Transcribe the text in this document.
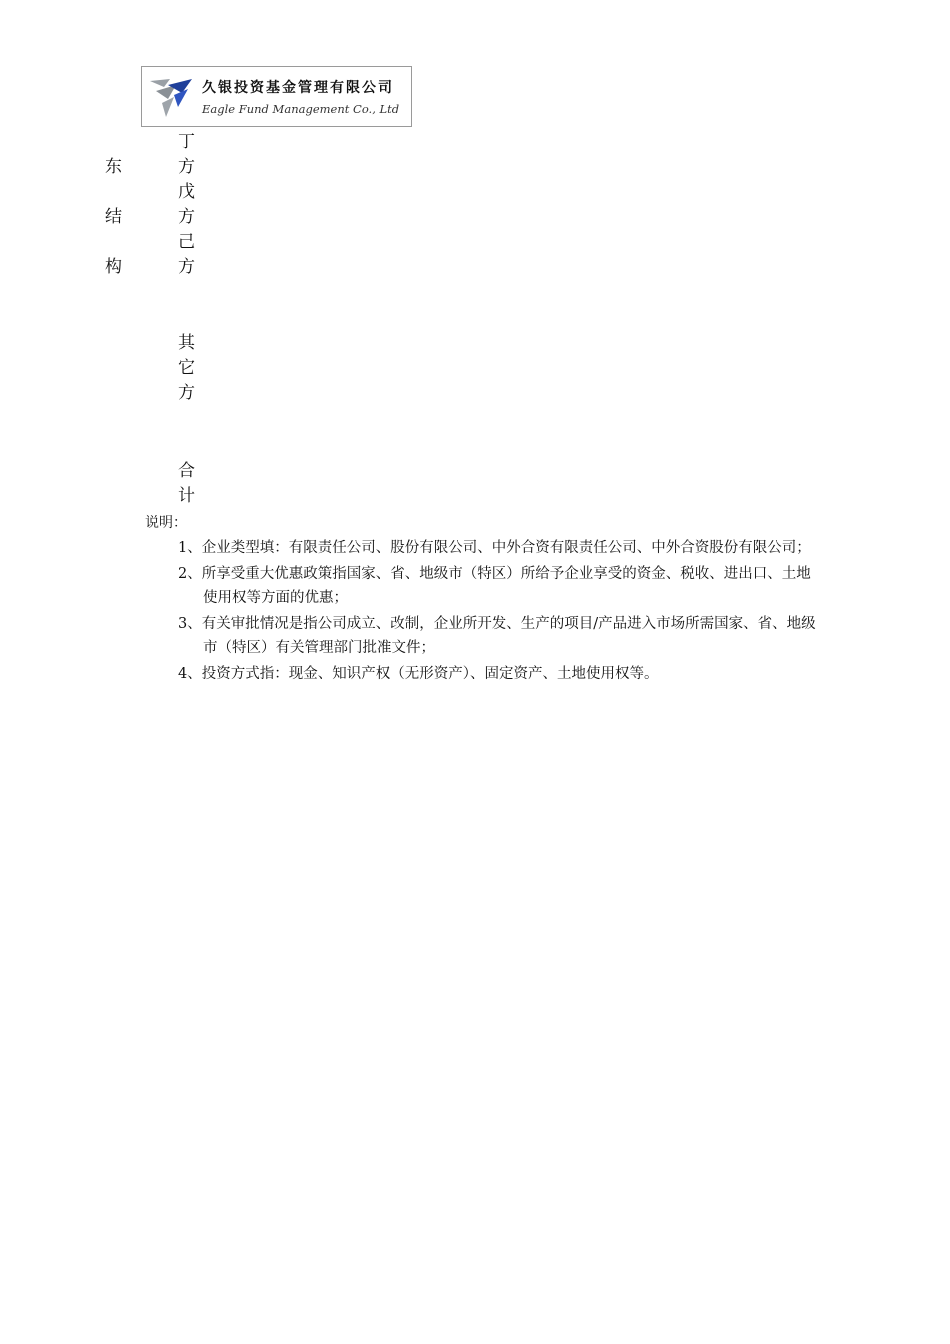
久银投资基金管理有限公司
Eagle Fund Management Co., Ltd
东
结
构
丁
方
戊
方
己
方
其
它
方
合
计
说明：

1、企业类型填：有限责任公司、股份有限公司、中外合资有限责任公司、中外合资股份有限公司；

2、所享受重大优惠政策指国家、省、地级市（特区）所给予企业享受的资金、税收、进出口、土地使用权等方面的优惠；

3、有关审批情况是指公司成立、改制，企业所开发、生产的项目/产品进入市场所需国家、省、地级市（特区）有关管理部门批准文件；

4、投资方式指：现金、知识产权（无形资产）、固定资产、土地使用权等。
